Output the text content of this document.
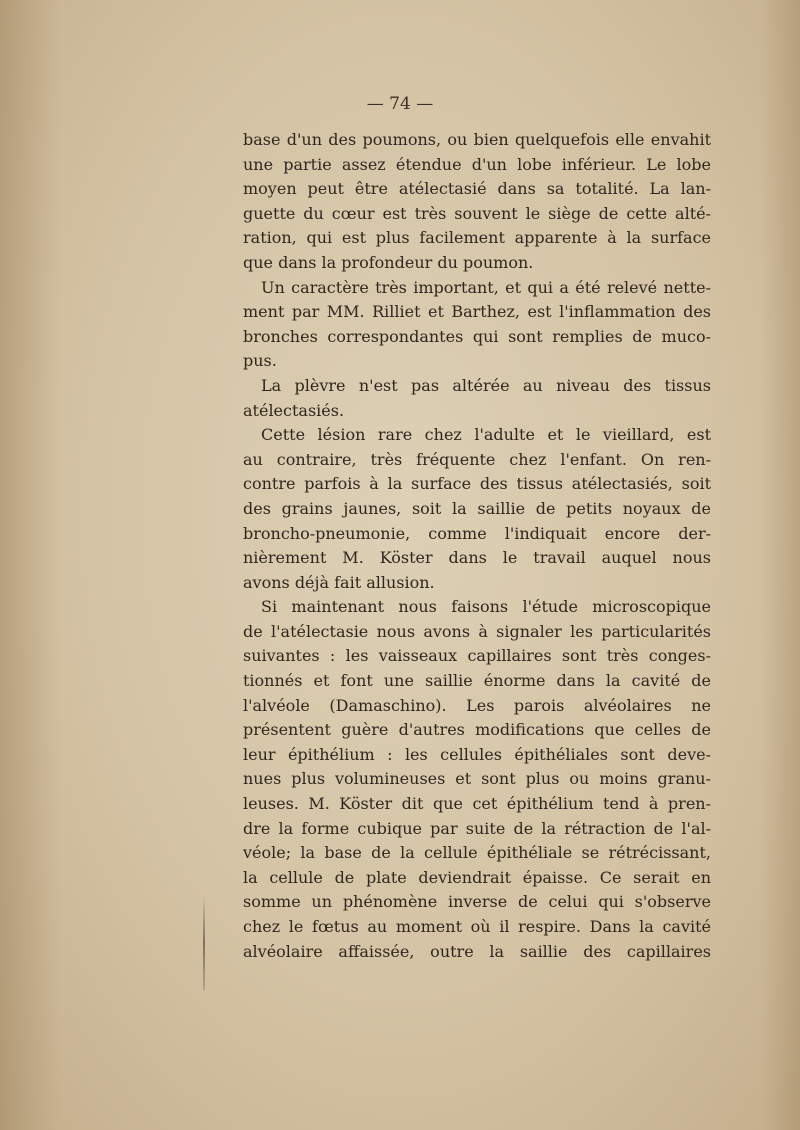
— 74 —
base d'un des poumons, ou bien quelquefois elle envahit
une partie assez étendue d'un lobe inférieur. Le lobe
moyen peut être atélectasié dans sa totalité. La lan-
guette du cœur est très souvent le siège de cette alté-
ration, qui est plus facilement apparente à la surface
que dans la profondeur du poumon.
Un caractère très important, et qui a été relevé nette-
ment par MM. Rilliet et Barthez, est l'inflammation des
bronches correspondantes qui sont remplies de muco-
pus.
La plèvre n'est pas altérée au niveau des tissus
atélectasiés.
Cette lésion rare chez l'adulte et le vieillard, est
au contraire, très fréquente chez l'enfant. On ren-
contre parfois à la surface des tissus atélectasiés, soit
des grains jaunes, soit la saillie de petits noyaux de
broncho-pneumonie, comme l'indiquait encore der-
nièrement M. Köster dans le travail auquel nous
avons déjà fait allusion.
Si maintenant nous faisons l'étude microscopique
de l'atélectasie nous avons à signaler les particularités
suivantes : les vaisseaux capillaires sont très conges-
tionnés et font une saillie énorme dans la cavité de
l'alvéole (Damaschino). Les parois alvéolaires ne
présentent guère d'autres modifications que celles de
leur épithélium : les cellules épithéliales sont deve-
nues plus volumineuses et sont plus ou moins granu-
leuses. M. Köster dit que cet épithélium tend à pren-
dre la forme cubique par suite de la rétraction de l'al-
véole; la base de la cellule épithéliale se rétrécissant,
la cellule de plate deviendrait épaisse. Ce serait en
somme un phénomène inverse de celui qui s'observe
chez le fœtus au moment où il respire. Dans la cavité
alvéolaire affaissée, outre la saillie des capillaires
